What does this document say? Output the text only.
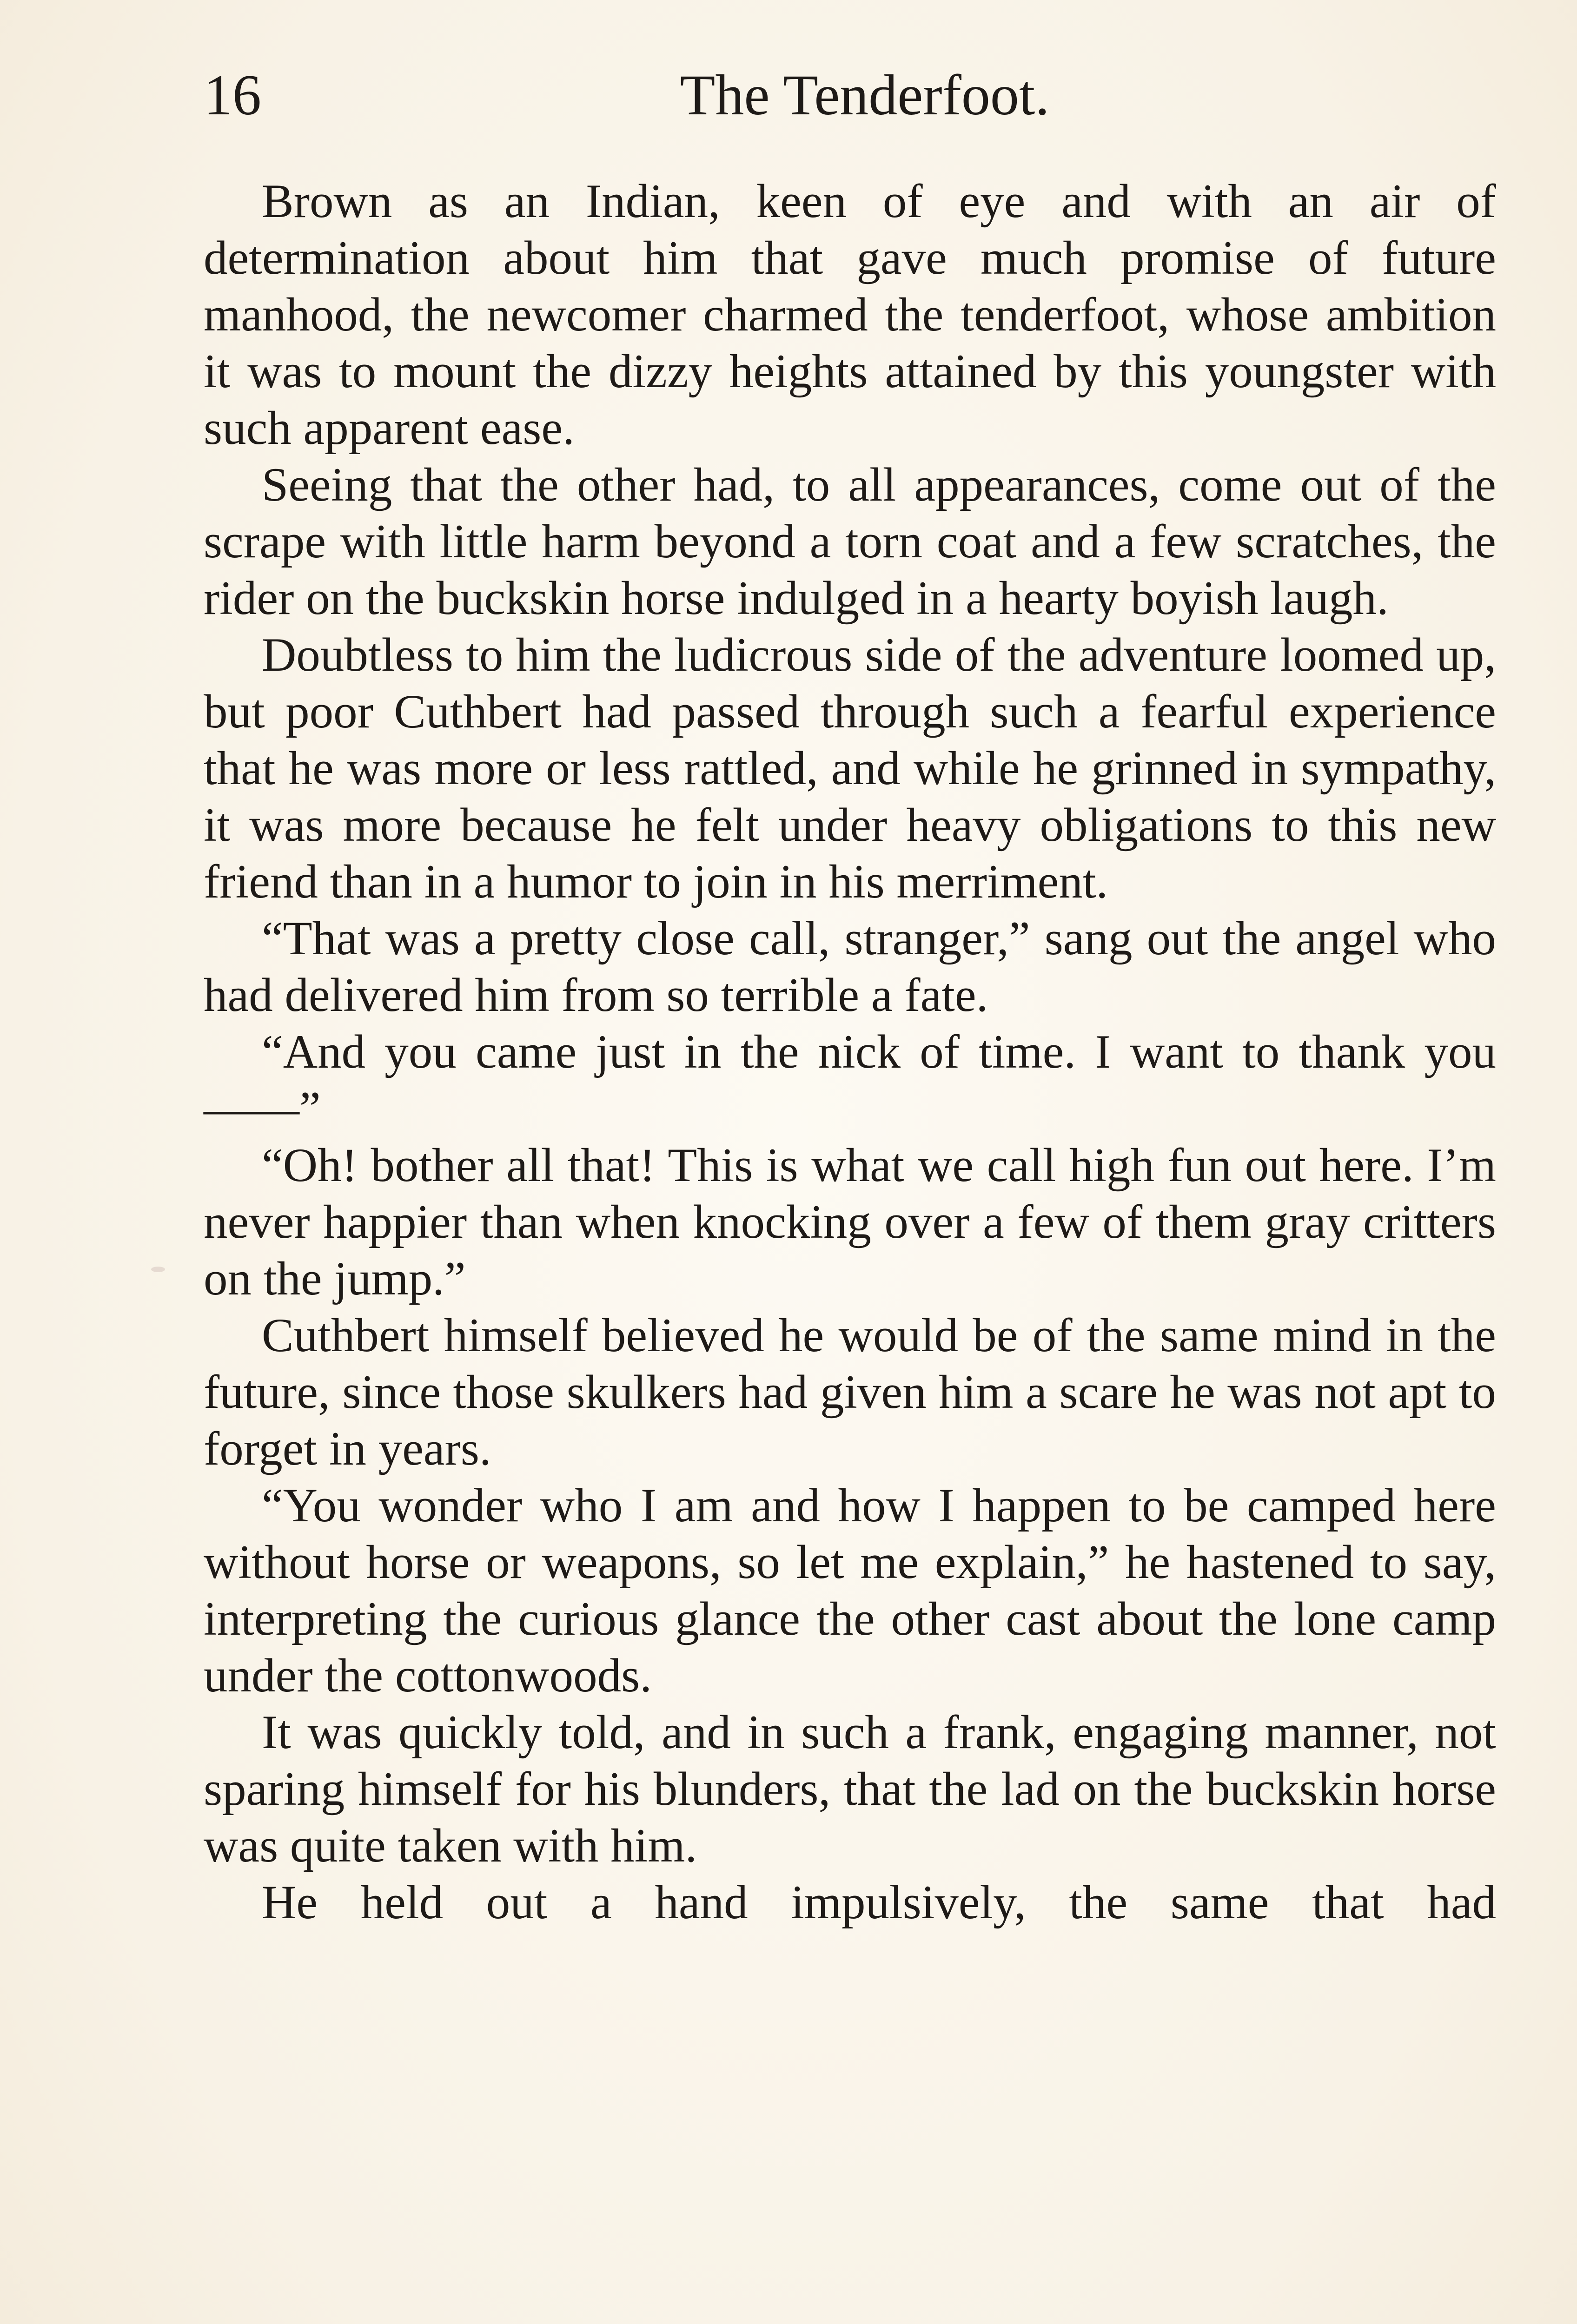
16	The Tenderfoot.

Brown as an Indian, keen of eye and with an air of determination about him that gave much promise of future manhood, the newcomer charmed the tenderfoot, whose ambition it was to mount the dizzy heights attained by this youngster with such apparent ease.

Seeing that the other had, to all appearances, come out of the scrape with little harm beyond a torn coat and a few scratches, the rider on the buckskin horse indulged in a hearty boyish laugh.

Doubtless to him the ludicrous side of the adventure loomed up, but poor Cuthbert had passed through such a fearful experience that he was more or less rattled, and while he grinned in sympathy, it was more because he felt under heavy obligations to this new friend than in a humor to join in his merriment.

“That was a pretty close call, stranger,” sang out the angel who had delivered him from so terrible a fate.

“And you came just in the nick of time. I want to thank you——”

“Oh! bother all that! This is what we call high fun out here. I’m never happier than when knocking over a few of them gray critters on the jump.”

Cuthbert himself believed he would be of the same mind in the future, since those skulkers had given him a scare he was not apt to forget in years.

“You wonder who I am and how I happen to be camped here without horse or weapons, so let me explain,” he hastened to say, interpreting the curious glance the other cast about the lone camp under the cottonwoods.

It was quickly told, and in such a frank, engaging manner, not sparing himself for his blunders, that the lad on the buckskin horse was quite taken with him.

He held out a hand impulsively, the same that had
